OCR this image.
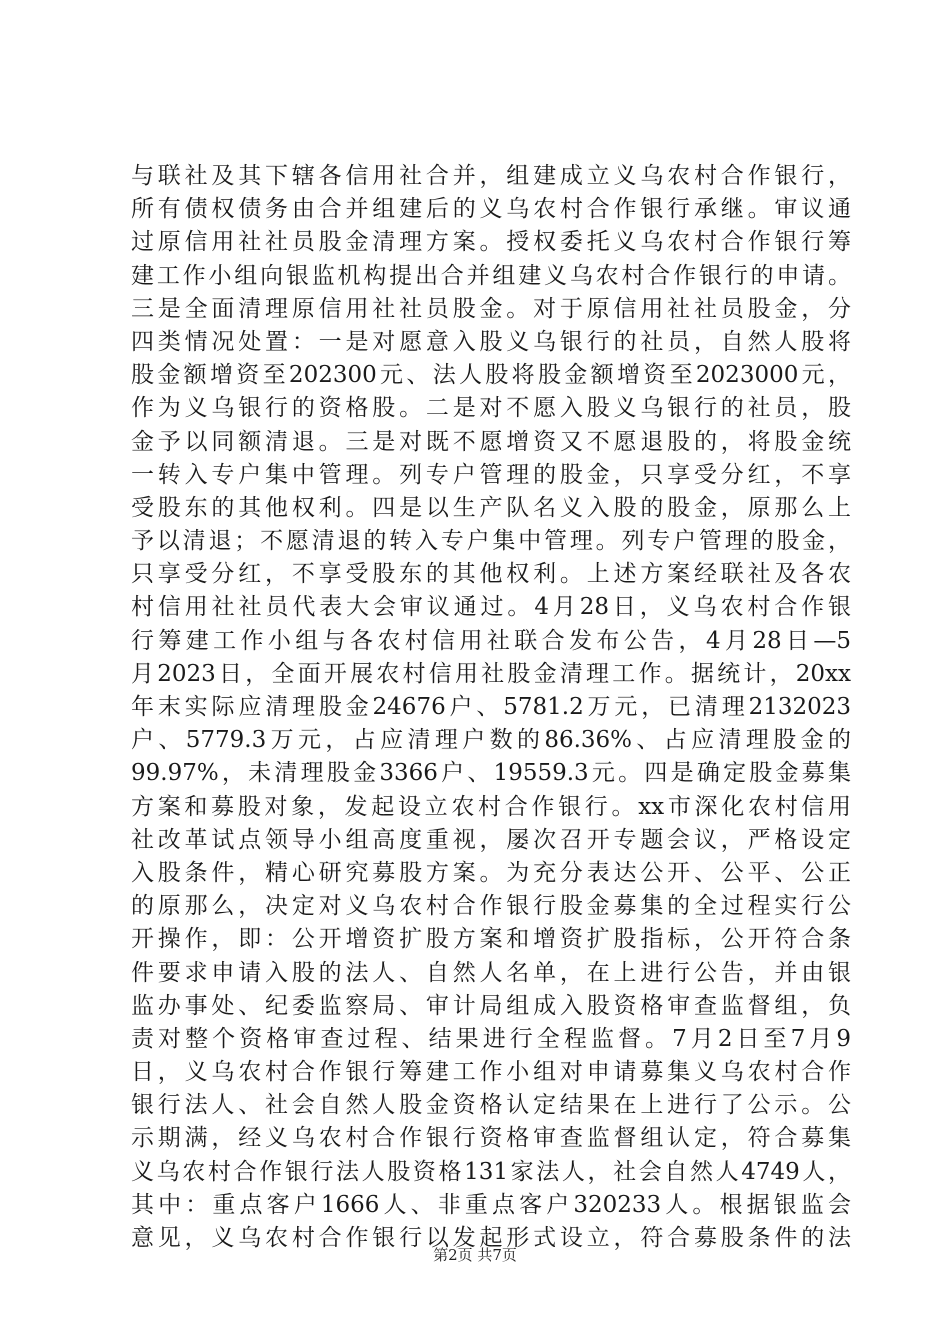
与联社及其下辖各信用社合并，组建成立义乌农村合作银行，
所有债权债务由合并组建后的义乌农村合作银行承继。审议通
过原信用社社员股金清理方案。授权委托义乌农村合作银行筹
建工作小组向银监机构提出合并组建义乌农村合作银行的申请。
三是全面清理原信用社社员股金。对于原信用社社员股金，分
四类情况处置：一是对愿意入股义乌银行的社员，自然人股将
股金额增资至202300元、法人股将股金额增资至2023000元，
作为义乌银行的资格股。二是对不愿入股义乌银行的社员，股
金予以同额清退。三是对既不愿增资又不愿退股的，将股金统
一转入专户集中管理。列专户管理的股金，只享受分红，不享
受股东的其他权利。四是以生产队名义入股的股金，原那么上
予以清退；不愿清退的转入专户集中管理。列专户管理的股金，
只享受分红，不享受股东的其他权利。上述方案经联社及各农
村信用社社员代表大会审议通过。4月28日，义乌农村合作银
行筹建工作小组与各农村信用社联合发布公告，4月28日—5
月2023日，全面开展农村信用社股金清理工作。据统计，20xx
年末实际应清理股金24676户、5781.2万元，已清理2132023
户、5779.3万元，占应清理户数的86.36%、占应清理股金的
99.97%，未清理股金3366户、19559.3元。四是确定股金募集
方案和募股对象，发起设立农村合作银行。xx市深化农村信用
社改革试点领导小组高度重视，屡次召开专题会议，严格设定
入股条件，精心研究募股方案。为充分表达公开、公平、公正
的原那么，决定对义乌农村合作银行股金募集的全过程实行公
开操作，即：公开增资扩股方案和增资扩股指标，公开符合条
件要求申请入股的法人、自然人名单，在上进行公告，并由银
监办事处、纪委监察局、审计局组成入股资格审查监督组，负
责对整个资格审查过程、结果进行全程监督。7月2日至7月9
日，义乌农村合作银行筹建工作小组对申请募集义乌农村合作
银行法人、社会自然人股金资格认定结果在上进行了公示。公
示期满，经义乌农村合作银行资格审查监督组认定，符合募集
义乌农村合作银行法人股资格131家法人，社会自然人4749人，
其中：重点客户1666人、非重点客户320233人。根据银监会
意见，义乌农村合作银行以发起形式设立，符合募股条件的法
第2页 共7页
